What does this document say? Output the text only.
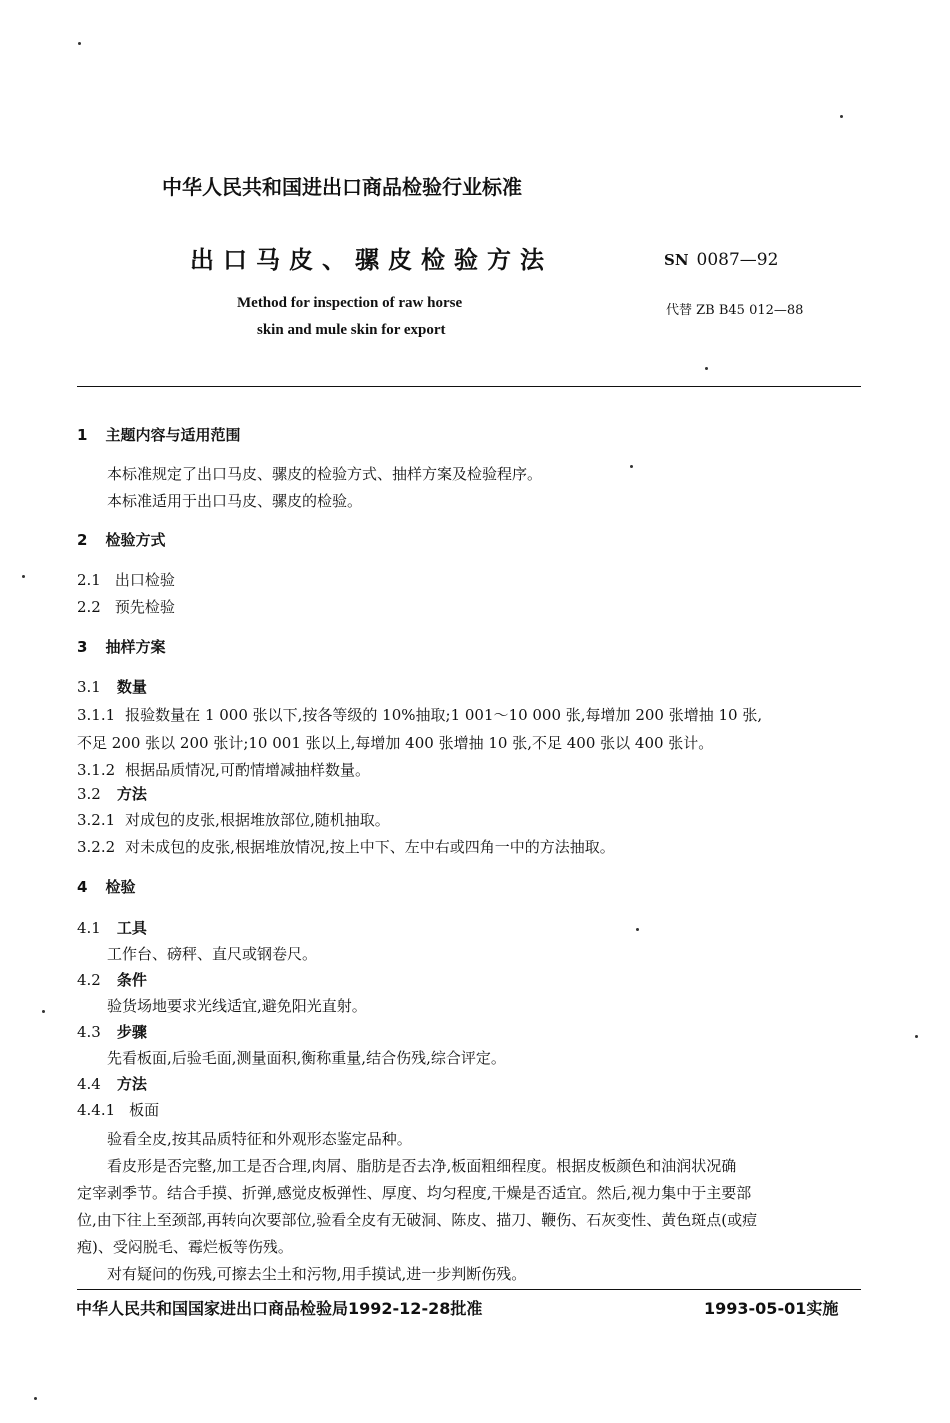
中华人民共和国进出口商品检验行业标准
出口马皮、骡皮检验方法	SN 0087—92
Method for inspection of raw horse
skin and mule skin for export
代替 ZB B45 012—88
1 主题内容与适用范围
本标准规定了出口马皮、骡皮的检验方式、抽样方案及检验程序。
本标准适用于出口马皮、骡皮的检验。
2 检验方式
2.1 出口检验
2.2 预先检验
3 抽样方案
3.1 数量
3.1.1 报验数量在 1 000 张以下,按各等级的 10%抽取;1 001～10 000 张,每增加 200 张增抽 10 张,
不足 200 张以 200 张计;10 001 张以上,每增加 400 张增抽 10 张,不足 400 张以 400 张计。
3.1.2 根据品质情况,可酌情增减抽样数量。
3.2 方法
3.2.1 对成包的皮张,根据堆放部位,随机抽取。
3.2.2 对未成包的皮张,根据堆放情况,按上中下、左中右或四角一中的方法抽取。
4 检验
4.1 工具
工作台、磅秤、直尺或钢卷尺。
4.2 条件
验货场地要求光线适宜,避免阳光直射。
4.3 步骤
先看板面,后验毛面,测量面积,衡称重量,结合伤残,综合评定。
4.4 方法
4.4.1 板面
验看全皮,按其品质特征和外观形态鉴定品种。
看皮形是否完整,加工是否合理,肉屑、脂肪是否去净,板面粗细程度。根据皮板颜色和油润状况确
定宰剥季节。结合手摸、折弹,感觉皮板弹性、厚度、均匀程度,干燥是否适宜。然后,视力集中于主要部
位,由下往上至颈部,再转向次要部位,验看全皮有无破洞、陈皮、描刀、鞭伤、石灰变性、黄色斑点(或痘
疱)、受闷脱毛、霉烂板等伤残。
对有疑问的伤残,可擦去尘土和污物,用手摸试,进一步判断伤残。
中华人民共和国国家进出口商品检验局1992-12-28批准	1993-05-01实施
